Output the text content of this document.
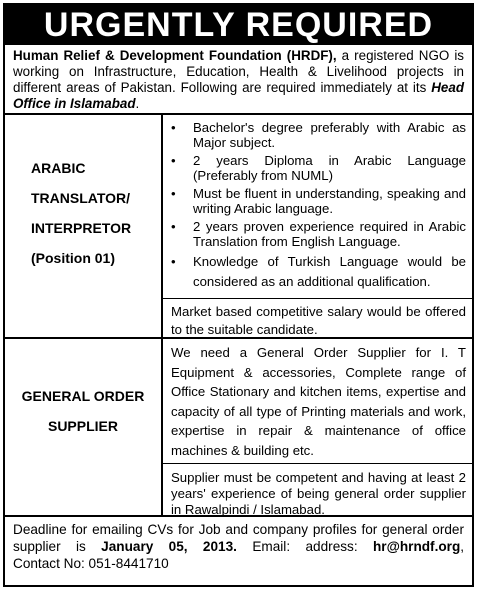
URGENTLY REQUIRED
Human Relief & Development Foundation (HRDF), a registered NGO is working on Infrastructure, Education, Health & Livelihood projects in different areas of Pakistan. Following are required immediately at its Head Office in Islamabad.
ARABIC
TRANSLATOR/
INTERPRETOR
(Position 01)
• Bachelor's degree preferably with Arabic as Major subject.
• 2 years Diploma in Arabic Language (Preferably from NUML)
• Must be fluent in understanding, speaking and writing Arabic language.
• 2 years proven experience required in Arabic Translation from English Language.
• Knowledge of Turkish Language would be considered as an additional qualification.
Market based competitive salary would be offered to the suitable candidate.
GENERAL ORDER
SUPPLIER
We need a General Order Supplier for I. T Equipment & accessories, Complete range of Office Stationary and kitchen items, expertise and capacity of all type of Printing materials and work, expertise in repair & maintenance of office machines & building etc.
Supplier must be competent and having at least 2 years' experience of being general order supplier in Rawalpindi / Islamabad.
Deadline for emailing CVs for Job and company profiles for general order
supplier is January 05, 2013. Email: address: hr@hrndf.org,
Contact No: 051-8441710
